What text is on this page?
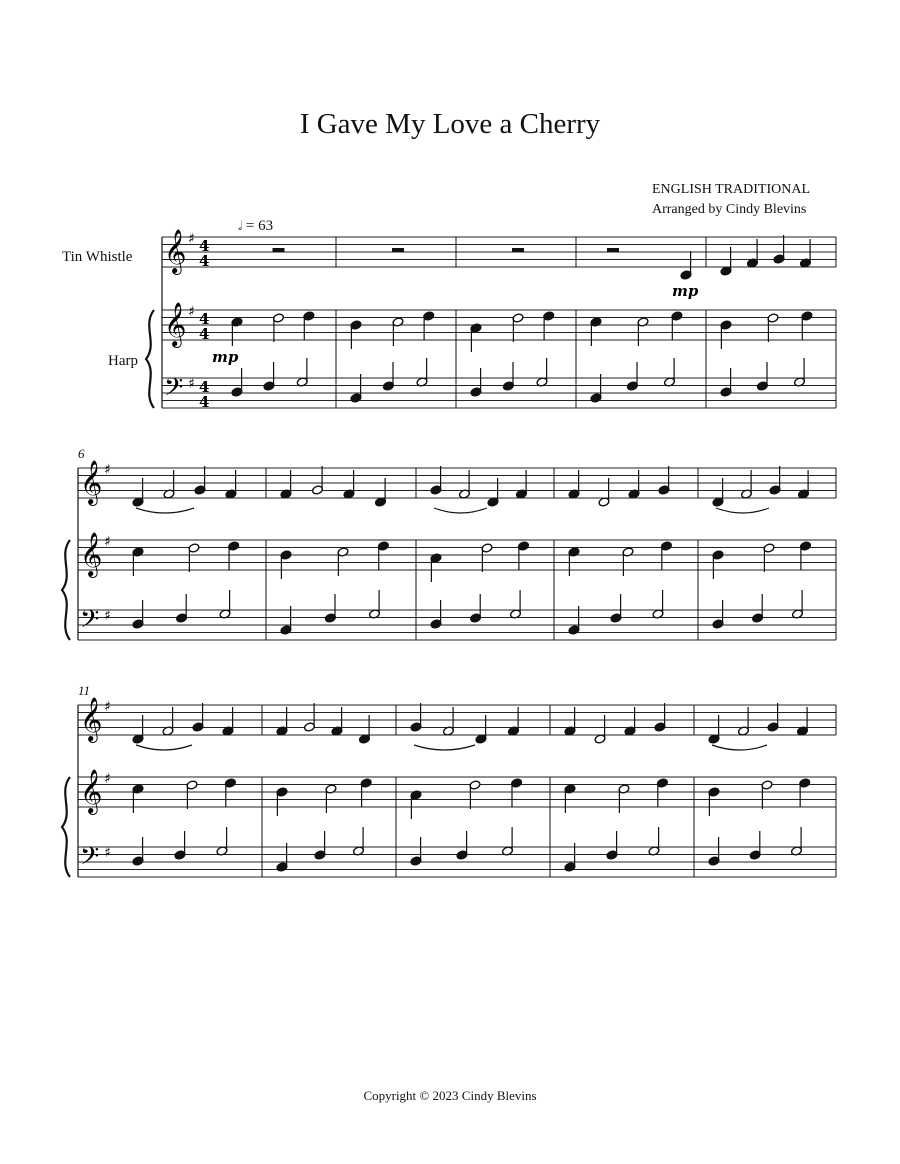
I Gave My Love a Cherry
ENGLISH TRADITIONAL
Arranged by Cindy Blevins
Tin Whistle
Harp
𝅗𝅥 = 63
6
11
Copyright © 2023 Cindy Blevins
𝄞 ♯ 4
4
𝄞 ♯ 4
4
𝄢 ♯ 4
4
𝄞 ♯
𝄞 ♯
𝄢 ♯
𝄞 ♯
𝄞 ♯
𝄢 ♯
mp
mp
